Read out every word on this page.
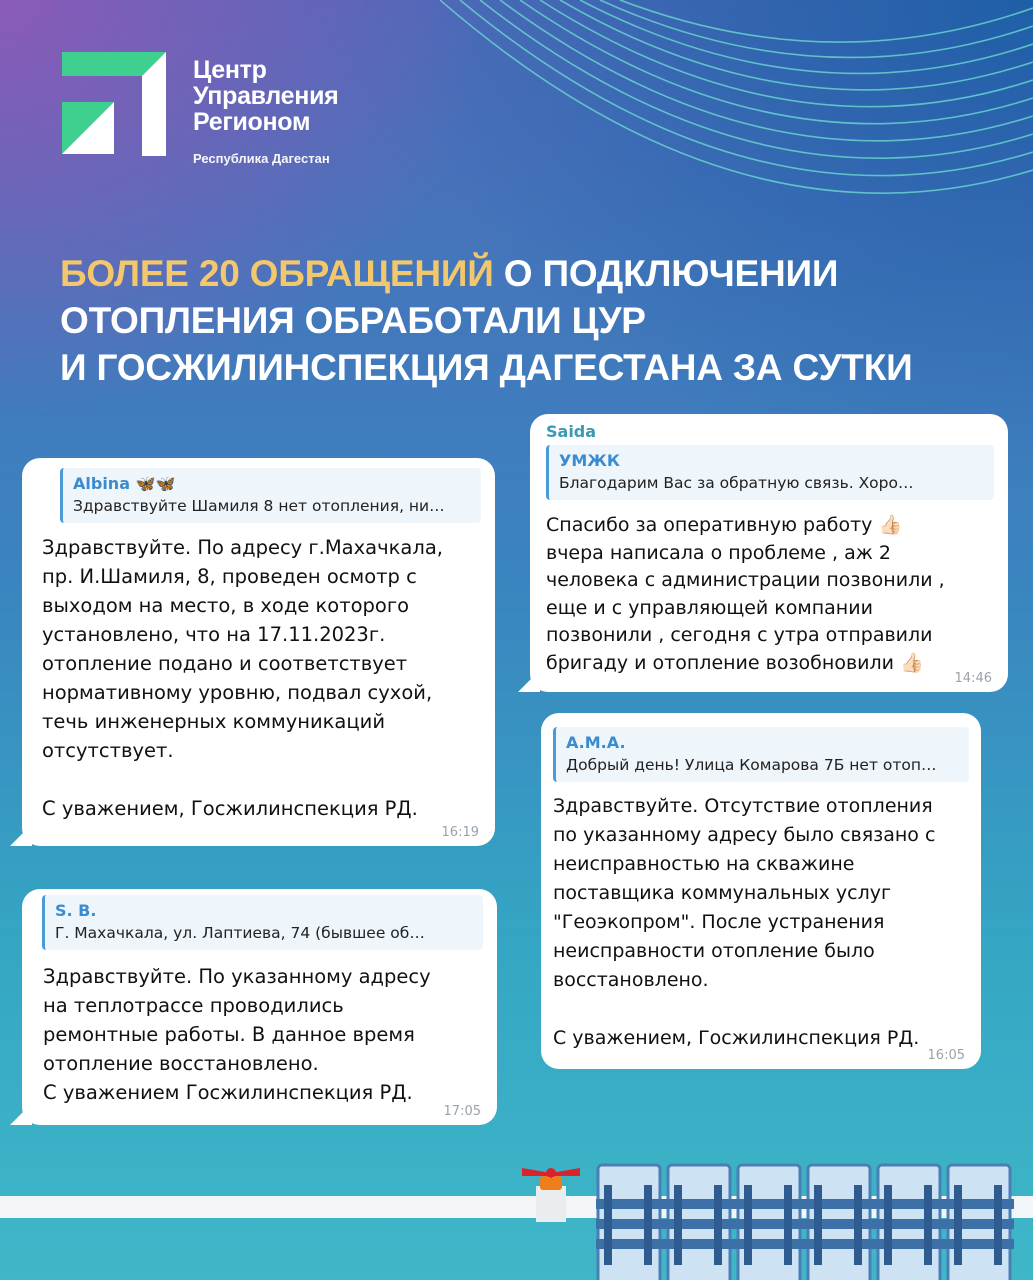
Центр
Управления
Регионом
Республика Дагестан
БОЛЕЕ 20 ОБРАЩЕНИЙ О ПОДКЛЮЧЕНИИ
ОТОПЛЕНИЯ ОБРАБОТАЛИ ЦУР
И ГОСЖИЛИНСПЕКЦИЯ ДАГЕСТАНА ЗА СУТКИ
Albina 🦋🦋
Здравствуйте Шамиля 8 нет отопления, ни…
Здравствуйте. По адресу г.Махачкала,
пр. И.Шамиля, 8, проведен осмотр с
выходом на место, в ходе которого
установлено, что на 17.11.2023г.
отопление подано и соответствует
нормативному уровню, подвал сухой,
течь инженерных коммуникаций
отсутствует.

С уважением, Госжилинспекция РД.
16:19
Saida
УМЖК
Благодарим Вас за обратную связь. Хоро…
Спасибо за оперативную работу 👍🏻
вчера написала о проблеме , аж 2
человека с администрации позвонили ,
еще и с управляющей компании
позвонили , сегодня с утра отправили
бригаду и отопление возобновили 👍🏻
14:46
A.M.A.
Добрый день! Улица Комарова 7Б нет отоп…
Здравствуйте. Отсутствие отопления
по указанному адресу было связано с
неисправностью на скважине
поставщика коммунальных услуг
"Геоэкопром". После устранения
неисправности отопление было
восстановлено.

С уважением, Госжилинспекция РД.
16:05
S. B.
Г. Махачкала, ул. Лаптиева, 74 (бывшее об…
Здравствуйте. По указанному адресу
на теплотрассе проводились
ремонтные работы. В данное время
отопление восстановлено.
С уважением Госжилинспекция РД.
17:05
